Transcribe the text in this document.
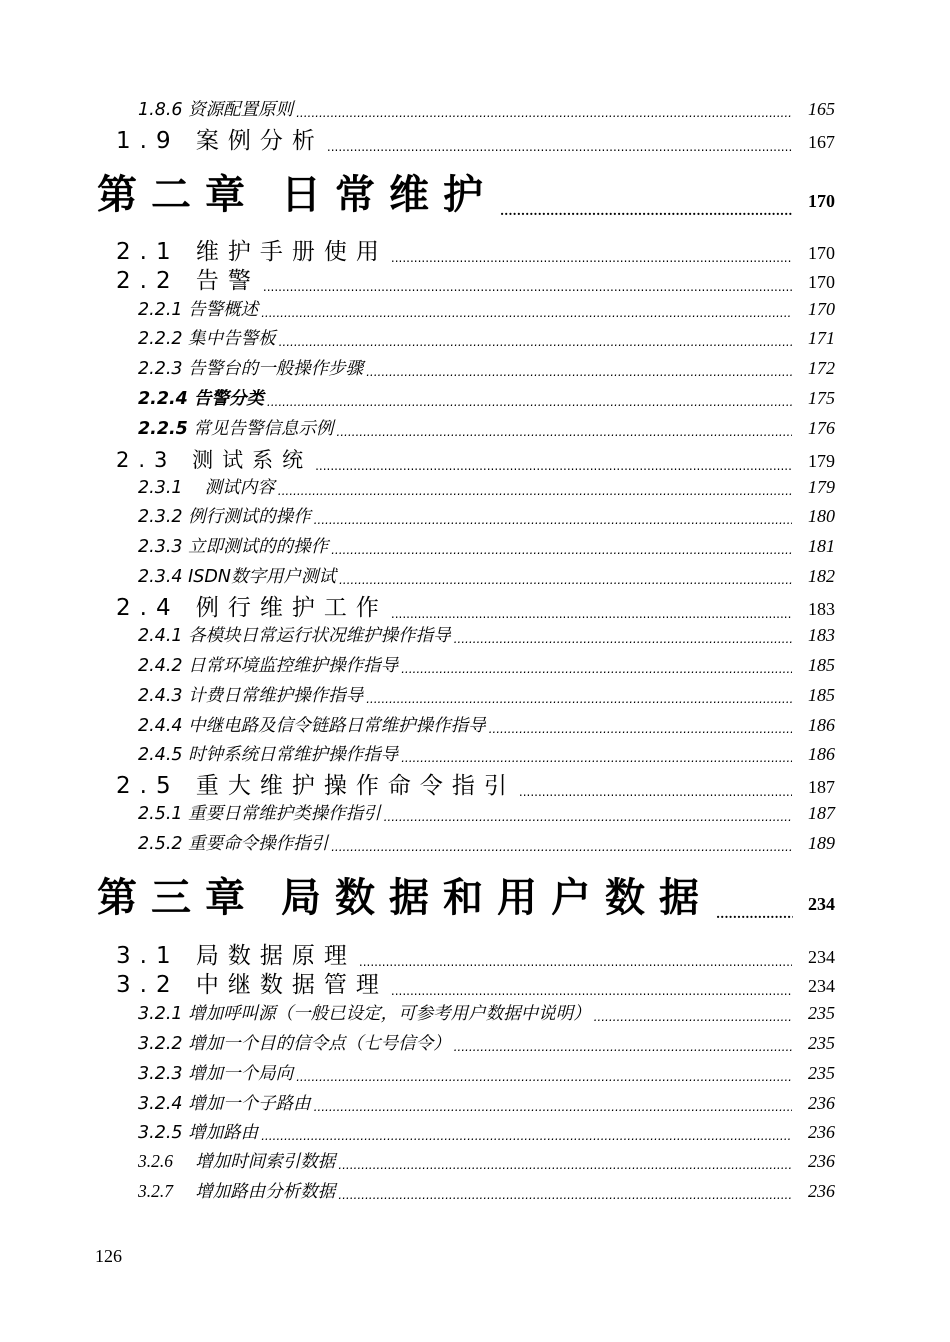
1.8.6 资源配置原则 .....	165
1.9 案例分析 .....	167
第二章 日常维护 .....	170
2.1 维护手册使用 .....	170
2.2 告警 .....	170
2.2.1 告警概述 .....	170
2.2.2 集中告警板 .....	171
2.2.3 告警台的一般操作步骤 .....	172
2.2.4 告警分类 .....	175
2.2.5 常见告警信息示例 .....	176
2.3 测试系统 .....	179
2.3.1 测试内容 .....	179
2.3.2 例行测试的操作 .....	180
2.3.3 立即测试的的操作 .....	181
2.3.4 ISDN数字用户测试 .....	182
2.4 例行维护工作 .....	183
2.4.1 各模块日常运行状况维护操作指导 .....	183
2.4.2 日常环境监控维护操作指导 .....	185
2.4.3 计费日常维护操作指导 .....	185
2.4.4 中继电路及信令链路日常维护操作指导 .....	186
2.4.5 时钟系统日常维护操作指导 .....	186
2.5 重大维护操作命令指引 .....	187
2.5.1 重要日常维护类操作指引 .....	187
2.5.2 重要命令操作指引 .....	189
第三章 局数据和用户数据 .....	234
3.1 局数据原理 .....	234
3.2 中继数据管理 .....	234
3.2.1 增加呼叫源（一般已设定，可参考用户数据中说明） .....	235
3.2.2 增加一个目的信令点（七号信令） .....	235
3.2.3 增加一个局向 .....	235
3.2.4 增加一个子路由 .....	236
3.2.5 增加路由 .....	236
3.2.6 增加时间索引数据 .....	236
3.2.7 增加路由分析数据 .....	236
126
